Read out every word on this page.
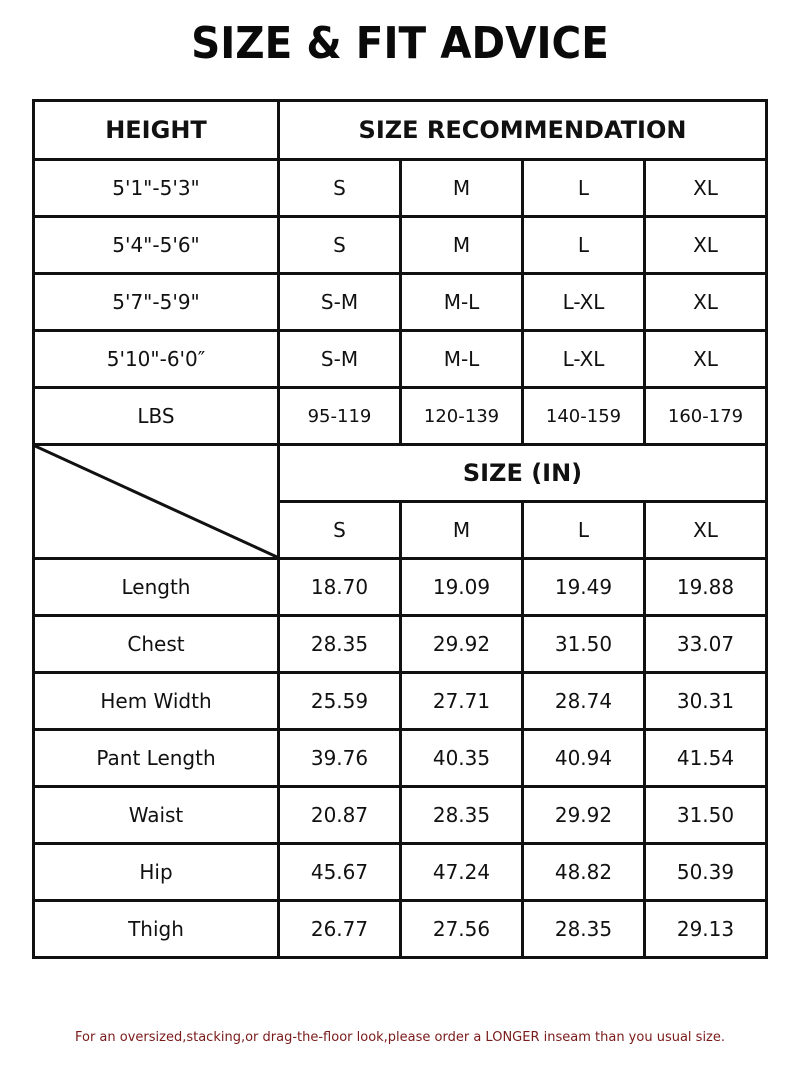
SIZE & FIT ADVICE
HEIGHT	SIZE RECOMMENDATION			
5'1"-5'3"	S	M	L	XL
5'4"-5'6"	S	M	L	XL
5'7"-5'9"	S-M	M-L	L-XL	XL
5'10"-6'0″	S-M	M-L	L-XL	XL
LBS	95-119	120-139	140-159	160-179

	SIZE (IN)			
	S	M	L	XL
Length	18.70	19.09	19.49	19.88
Chest	28.35	29.92	31.50	33.07
Hem Width	25.59	27.71	28.74	30.31
Pant Length	39.76	40.35	40.94	41.54
Waist	20.87	28.35	29.92	31.50
Hip	45.67	47.24	48.82	50.39
Thigh	26.77	27.56	28.35	29.13
For an oversized,stacking,or drag-the-floor look,please order a LONGER inseam than you usual size.
